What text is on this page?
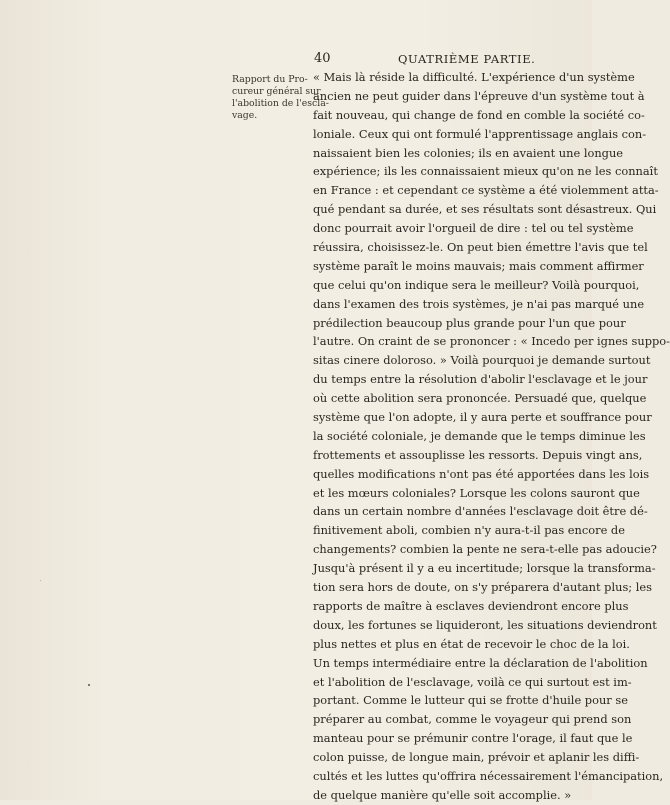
40	QUATRIÈME PARTIE.
Rapport du Pro-
cureur général sur
l'abolition de l'escla-
vage.
« Mais là réside la difficulté. L'expérience d'un système
ancien ne peut guider dans l'épreuve d'un système tout à
fait nouveau, qui change de fond en comble la société co-
loniale. Ceux qui ont formulé l'apprentissage anglais con-
naissaient bien les colonies; ils en avaient une longue
expérience; ils les connaissaient mieux qu'on ne les connaît
en France : et cependant ce système a été violemment atta-
qué pendant sa durée, et ses résultats sont désastreux. Qui
donc pourrait avoir l'orgueil de dire : tel ou tel système
réussira, choisissez-le. On peut bien émettre l'avis que tel
système paraît le moins mauvais; mais comment affirmer
que celui qu'on indique sera le meilleur? Voilà pourquoi,
dans l'examen des trois systèmes, je n'ai pas marqué une
prédilection beaucoup plus grande pour l'un que pour
l'autre. On craint de se prononcer : « Incedo per ignes suppo-
sitas cinere doloroso. » Voilà pourquoi je demande surtout
du temps entre la résolution d'abolir l'esclavage et le jour
où cette abolition sera prononcée. Persuadé que, quelque
système que l'on adopte, il y aura perte et souffrance pour
la société coloniale, je demande que le temps diminue les
frottements et assouplisse les ressorts. Depuis vingt ans,
quelles modifications n'ont pas été apportées dans les lois
et les mœurs coloniales? Lorsque les colons sauront que
dans un certain nombre d'années l'esclavage doit être dé-
finitivement aboli, combien n'y aura-t-il pas encore de
changements? combien la pente ne sera-t-elle pas adoucie?
Jusqu'à présent il y a eu incertitude; lorsque la transforma-
tion sera hors de doute, on s'y préparera d'autant plus; les
rapports de maître à esclaves deviendront encore plus
doux, les fortunes se liquideront, les situations deviendront
plus nettes et plus en état de recevoir le choc de la loi.
Un temps intermédiaire entre la déclaration de l'abolition
et l'abolition de l'esclavage, voilà ce qui surtout est im-
portant. Comme le lutteur qui se frotte d'huile pour se
préparer au combat, comme le voyageur qui prend son
manteau pour se prémunir contre l'orage, il faut que le
colon puisse, de longue main, prévoir et aplanir les diffi-
cultés et les luttes qu'offrira nécessairement l'émancipation,
de quelque manière qu'elle soit accomplie. »
